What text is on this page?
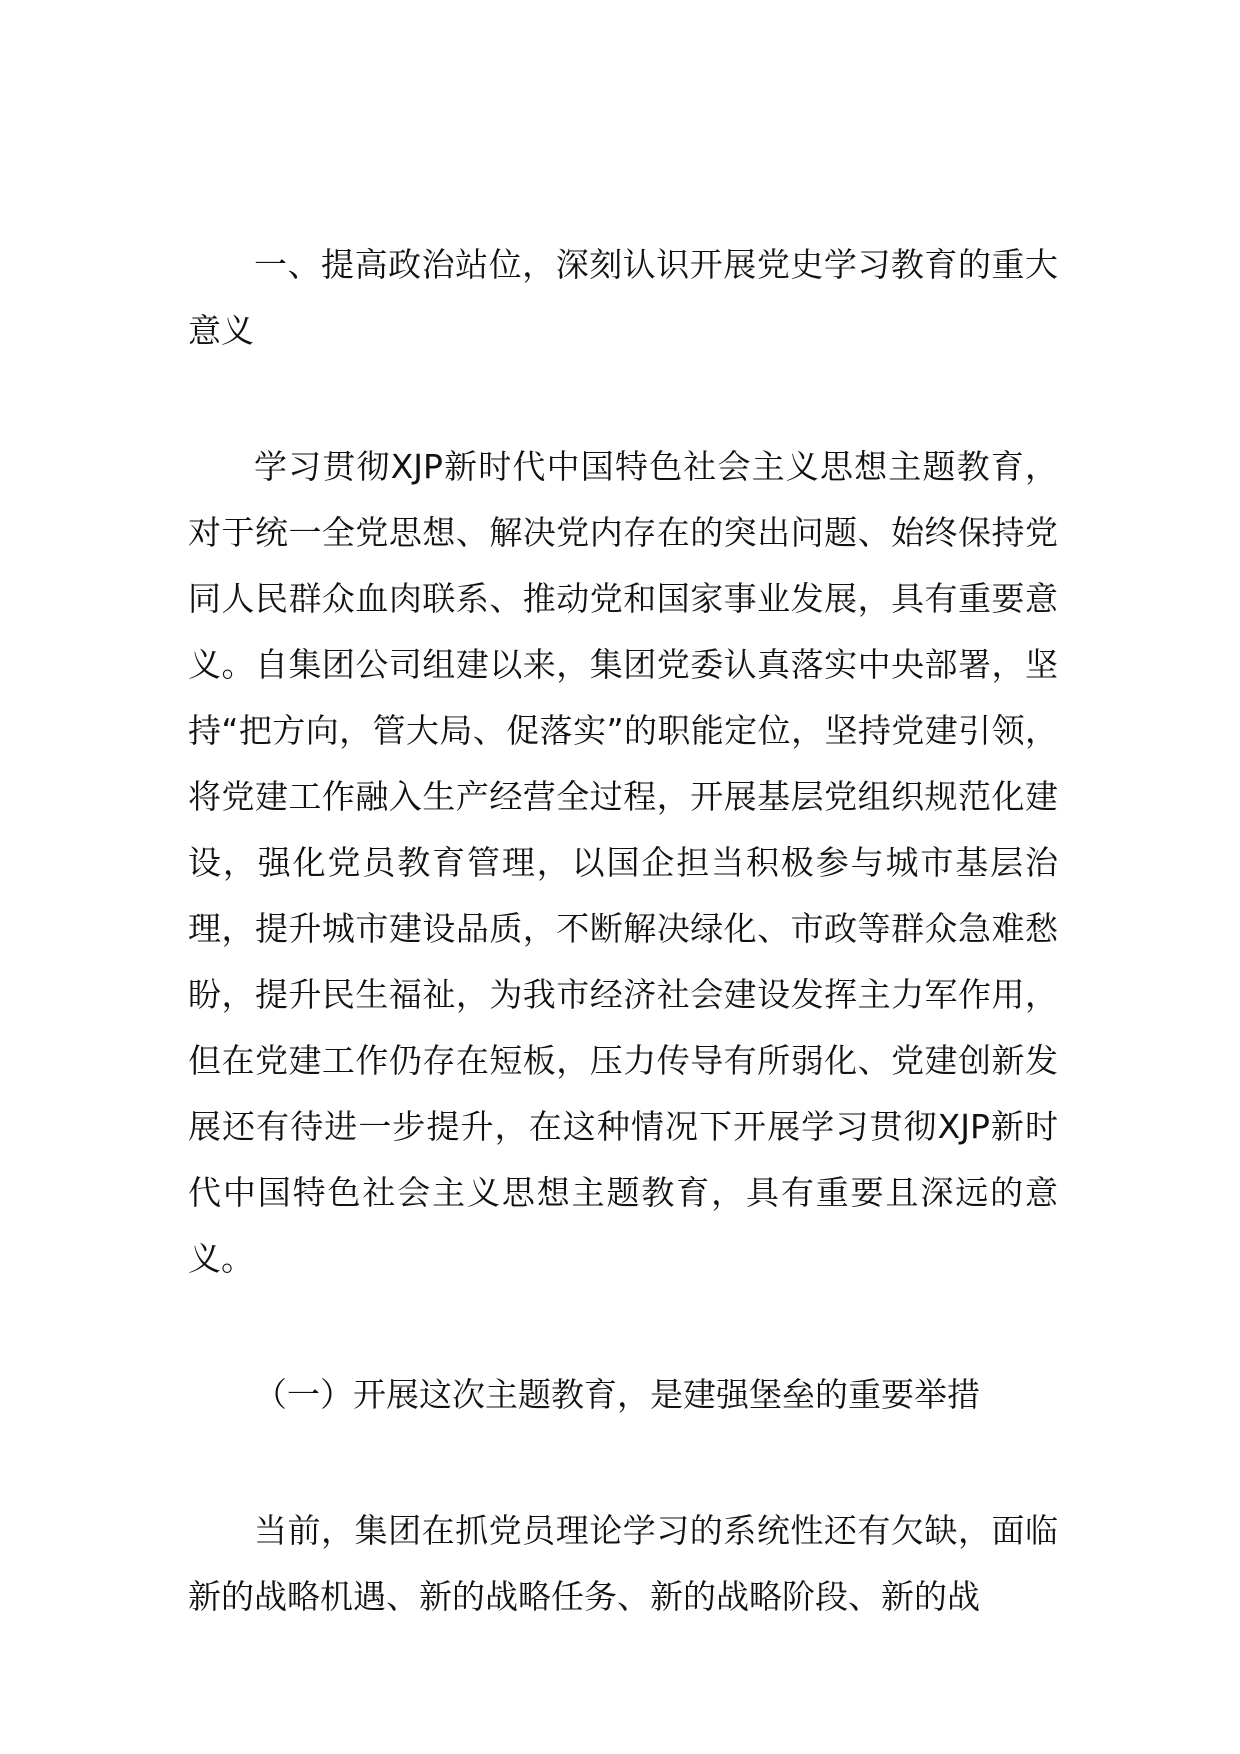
一、提高政治站位，深刻认识开展党史学习教育的重大意义

学习贯彻XJP新时代中国特色社会主义思想主题教育，对于统一全党思想、解决党内存在的突出问题、始终保持党同人民群众血肉联系、推动党和国家事业发展，具有重要意义。自集团公司组建以来，集团党委认真落实中央部署，坚持“把方向，管大局、促落实”的职能定位，坚持党建引领，将党建工作融入生产经营全过程，开展基层党组织规范化建设，强化党员教育管理，以国企担当积极参与城市基层治理，提升城市建设品质，不断解决绿化、市政等群众急难愁盼，提升民生福祉，为我市经济社会建设发挥主力军作用，但在党建工作仍存在短板，压力传导有所弱化、党建创新发展还有待进一步提升，在这种情况下开展学习贯彻XJP新时代中国特色社会主义思想主题教育，具有重要且深远的意义。

（一）开展这次主题教育，是建强堡垒的重要举措

当前，集团在抓党员理论学习的系统性还有欠缺，面临新的战略机遇、新的战略任务、新的战略阶段、新的战
